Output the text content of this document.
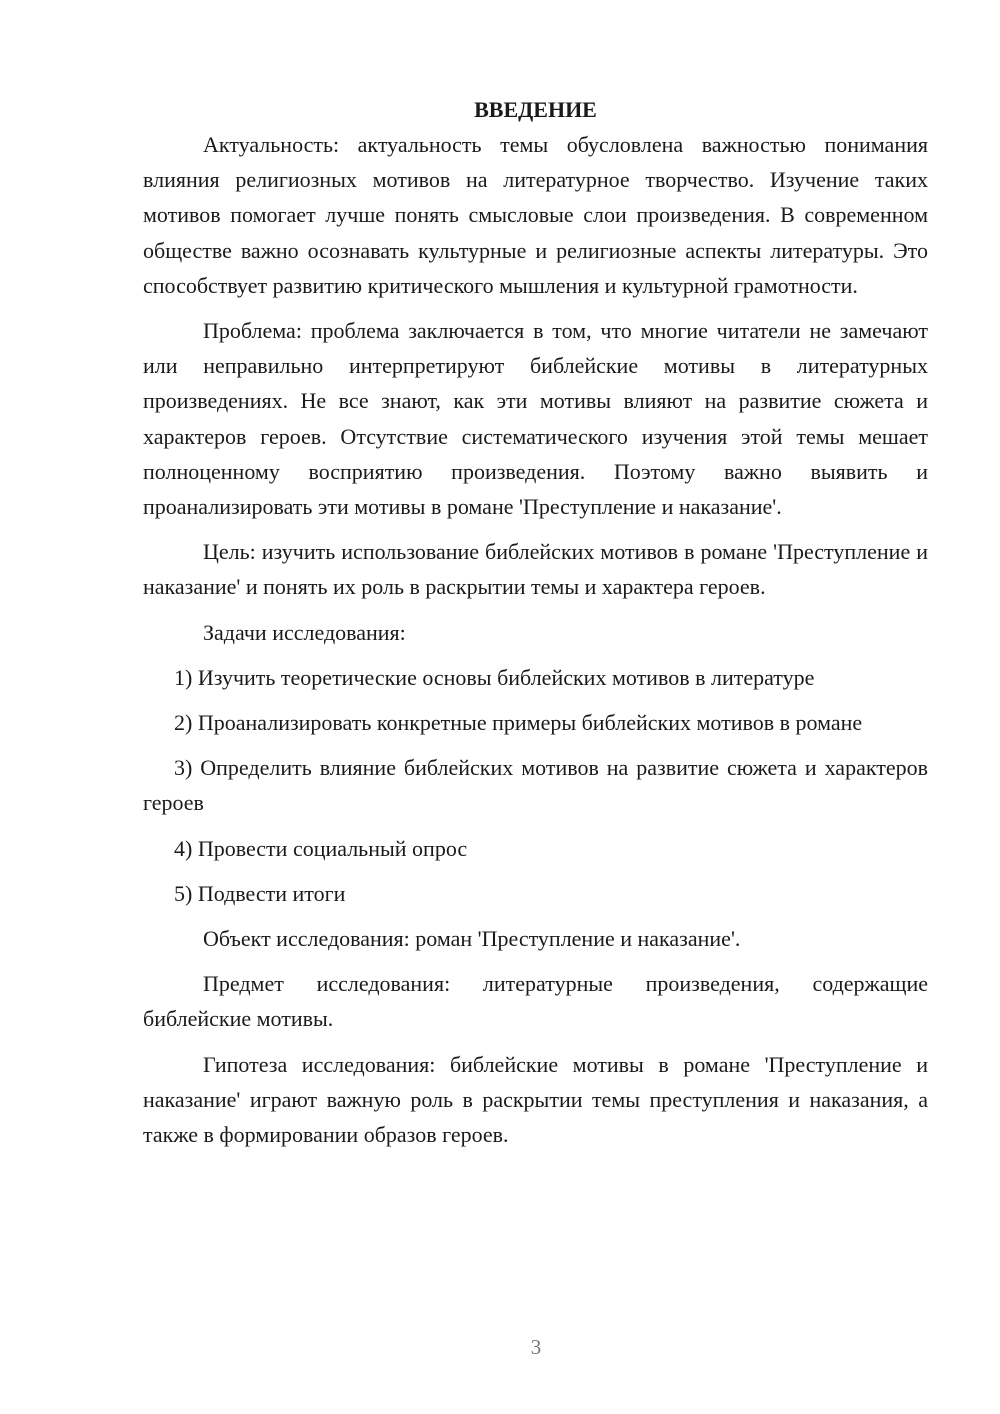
ВВЕДЕНИЕ

Актуальность: актуальность темы обусловлена важностью понимания влияния религиозных мотивов на литературное творчество. Изучение таких мотивов помогает лучше понять смысловые слои произведения. В современном обществе важно осознавать культурные и религиозные аспекты литературы. Это способствует развитию критического мышления и культурной грамотности.

Проблема: проблема заключается в том, что многие читатели не замечают или неправильно интерпретируют библейские мотивы в литературных произведениях. Не все знают, как эти мотивы влияют на развитие сюжета и характеров героев. Отсутствие систематического изучения этой темы мешает полноценному восприятию произведения. Поэтому важно выявить и проанализировать эти мотивы в романе 'Преступление и наказание'.

Цель: изучить использование библейских мотивов в романе 'Преступление и наказание' и понять их роль в раскрытии темы и характера героев.

Задачи исследования:

1) Изучить теоретические основы библейских мотивов в литературе

2) Проанализировать конкретные примеры библейских мотивов в романе

3) Определить влияние библейских мотивов на развитие сюжета и характеров героев

4) Провести социальный опрос

5) Подвести итоги

Объект исследования: роман 'Преступление и наказание'.

Предмет исследования: литературные произведения, содержащие библейские мотивы.

Гипотеза исследования: библейские мотивы в романе 'Преступление и наказание' играют важную роль в раскрытии темы преступления и наказания, а также в формировании образов героев.

3
